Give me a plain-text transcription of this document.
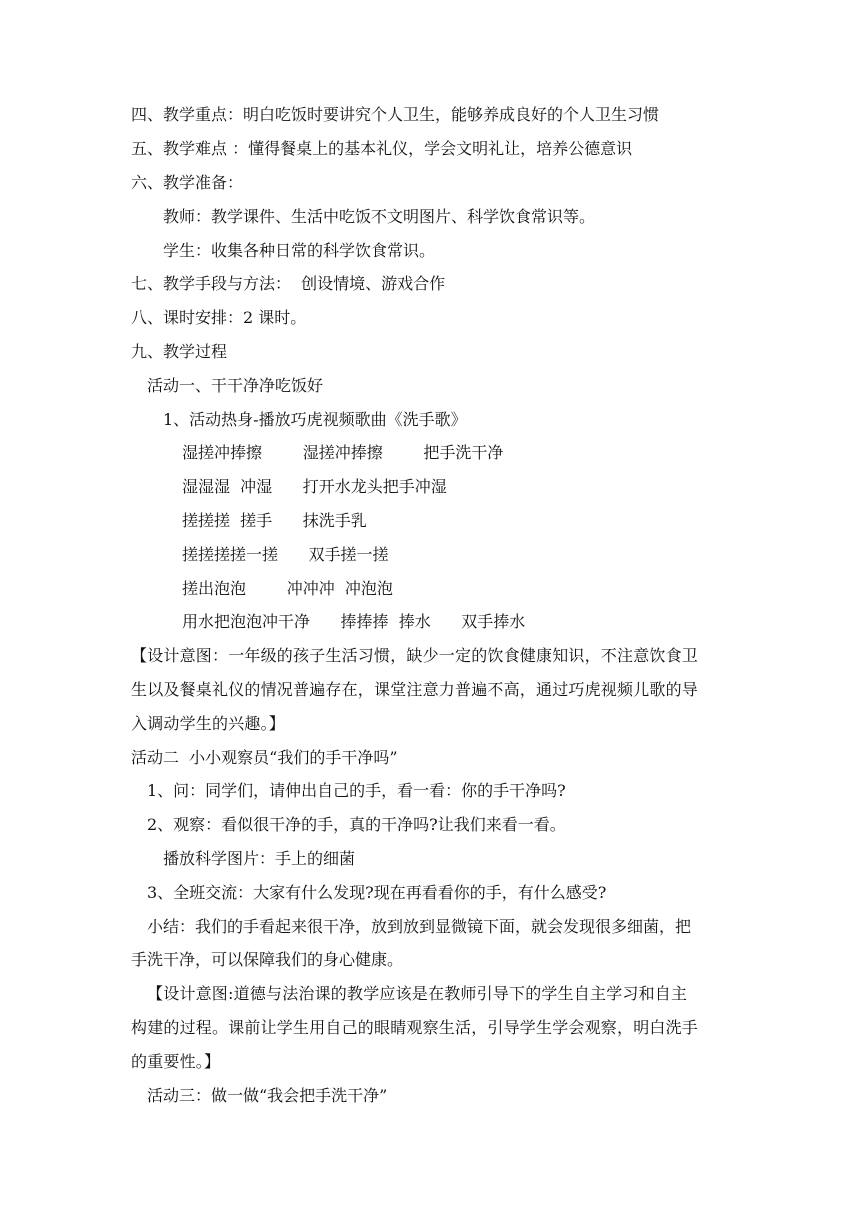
四、教学重点：明白吃饭时要讲究个人卫生，能够养成良好的个人卫生习惯
五、教学难点 ：懂得餐桌上的基本礼仪，学会文明礼让，培养公德意识
六、教学准备：
教师：教学课件、生活中吃饭不文明图片、科学饮食常识等。
学生：收集各种日常的科学饮食常识。
七、教学手段与方法：  创设情境、游戏合作
八、课时安排：2 课时。
九、教学过程
活动一、干干净净吃饭好
1、活动热身-播放巧虎视频歌曲《洗手歌》
湿搓冲捧擦        湿搓冲捧擦        把手洗干净
湿湿湿  冲湿      打开水龙头把手冲湿
搓搓搓  搓手      抹洗手乳
搓搓搓搓一搓      双手搓一搓
搓出泡泡        冲冲冲  冲泡泡
用水把泡泡冲干净      捧捧捧  捧水      双手捧水
【设计意图：一年级的孩子生活习惯，缺少一定的饮食健康知识，不注意饮食卫
生以及餐桌礼仪的情况普遍存在，课堂注意力普遍不高，通过巧虎视频儿歌的导
入调动学生的兴趣。】
活动二  小小观察员“我们的手干净吗”
1、问：同学们，请伸出自己的手，看一看：你的手干净吗?
2、观察：看似很干净的手，真的干净吗?让我们来看一看。
播放科学图片：手上的细菌
3、全班交流：大家有什么发现?现在再看看你的手，有什么感受?
小结：我们的手看起来很干净，放到放到显微镜下面，就会发现很多细菌，把
手洗干净，可以保障我们的身心健康。
【设计意图:道德与法治课的教学应该是在教师引导下的学生自主学习和自主
构建的过程。课前让学生用自己的眼睛观察生活，引导学生学会观察，明白洗手
的重要性。】
活动三：做一做“我会把手洗干净”
